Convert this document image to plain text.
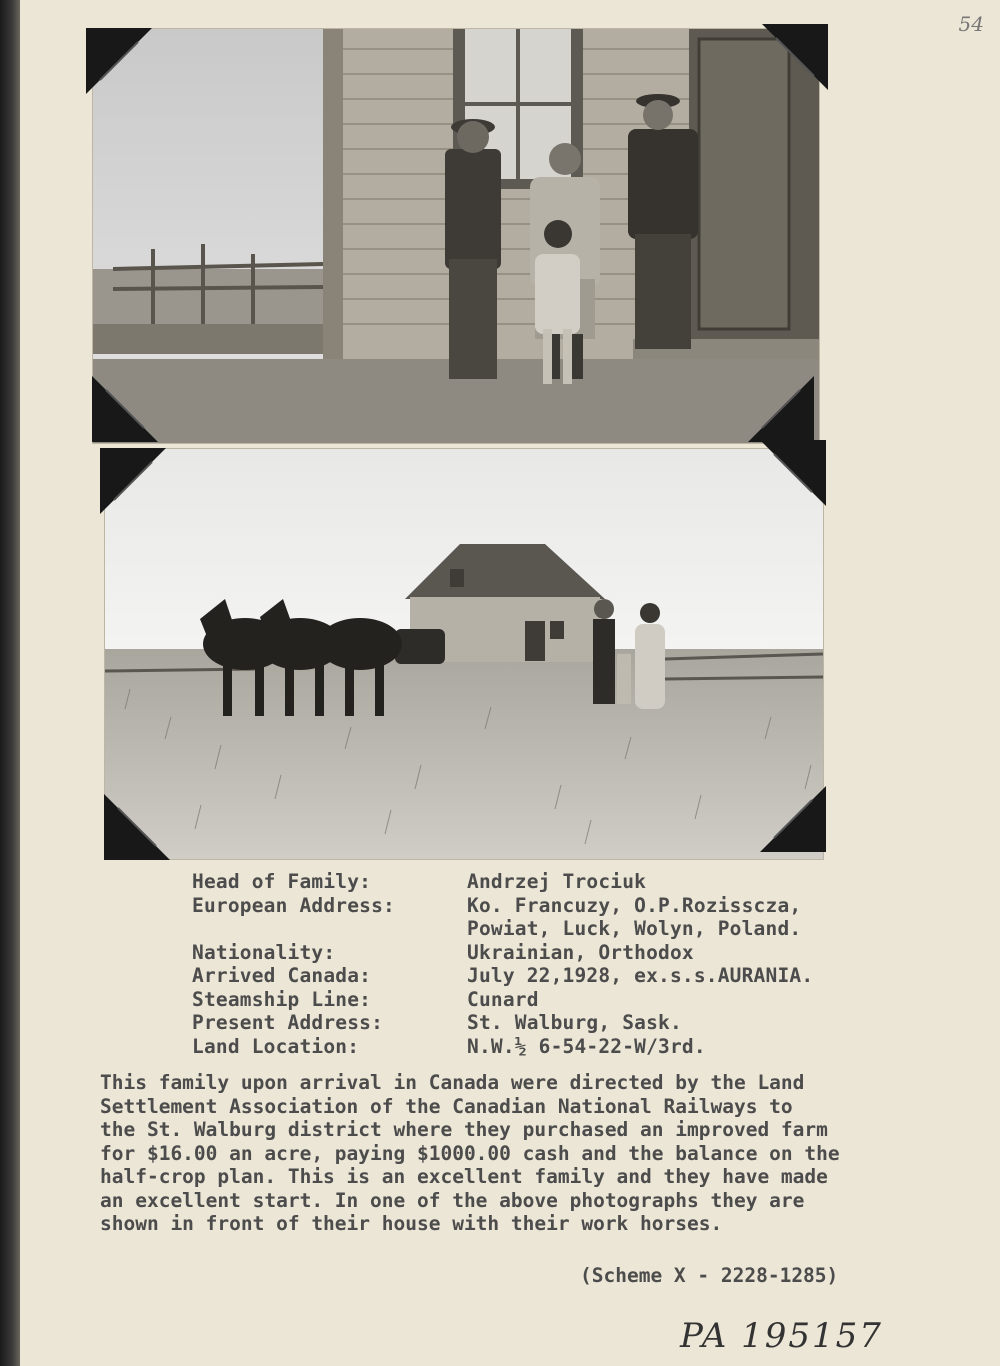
54
Head of Family:	Andrzej Trociuk
European Address:	Ko. Francuzy, O.P.Rozisscza,
Powiat, Luck, Wolyn, Poland.
Nationality:	Ukrainian, Orthodox
Arrived Canada:	July 22,1928, ex.s.s.AURANIA.
Steamship Line:	Cunard
Present Address:	St. Walburg, Sask.
Land Location:	N.W.½ 6-54-22-W/3rd.
This family upon arrival in Canada were directed by the Land
Settlement Association of the Canadian National Railways to
the St. Walburg district where they purchased an improved farm
for $16.00 an acre, paying $1000.00 cash and the balance on the
half-crop plan. This is an excellent family and they have made
an excellent start. In one of the above photographs they are
shown in front of their house with their work horses.
(Scheme X - 2228-1285)
PA 195157
